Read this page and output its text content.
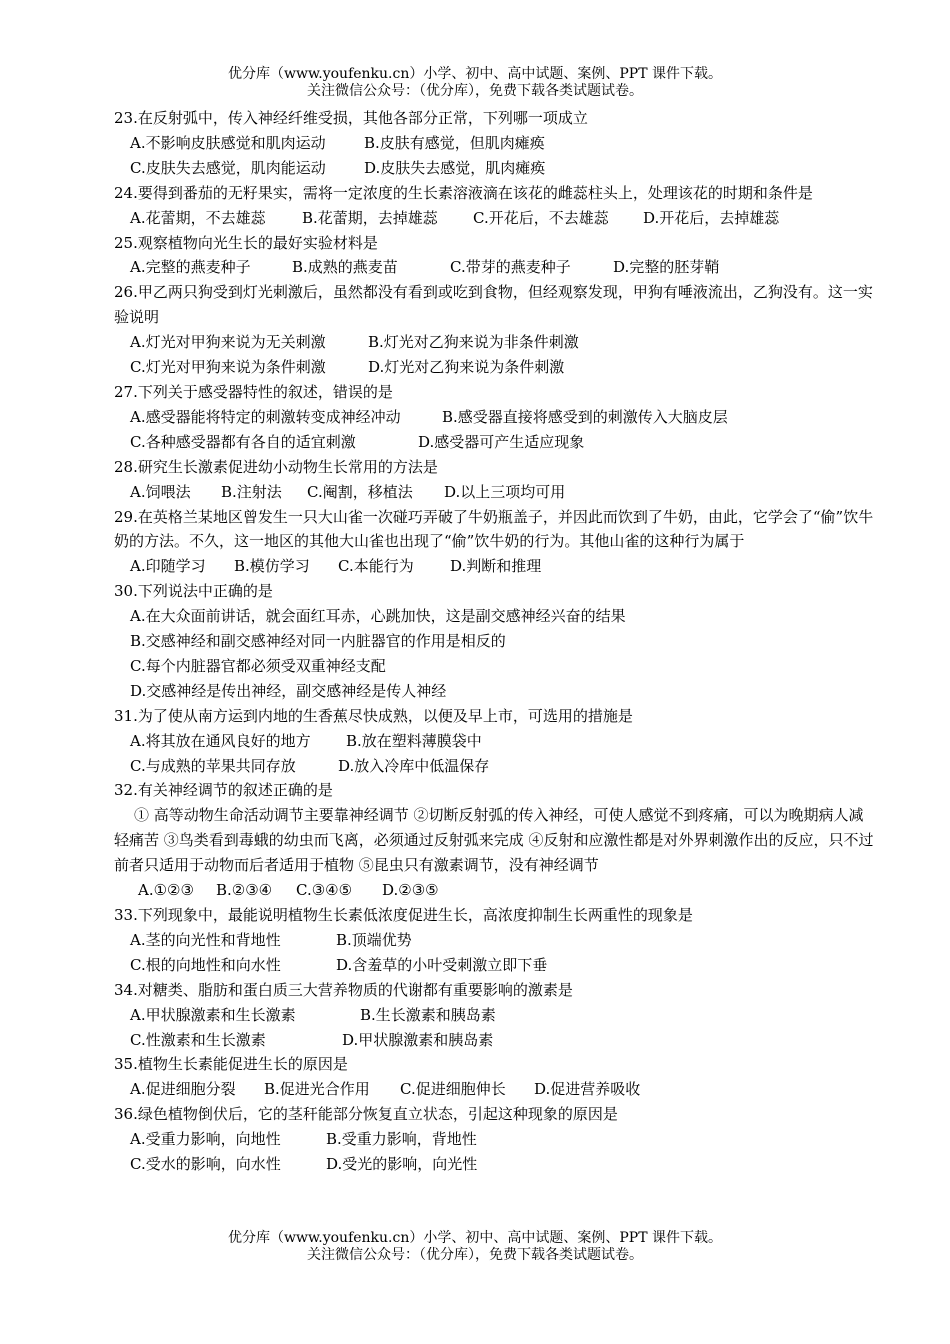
优分库（www.youfenku.cn）小学、初中、高中试题、案例、PPT 课件下载。
关注微信公众号：（优分库），免费下载各类试题试卷。

23.在反射弧中，传入神经纤维受损，其他各部分正常，下列哪一项成立

A.不影响皮肤感觉和肌肉运动	B.皮肤有感觉，但肌肉瘫痪

C.皮肤失去感觉，肌肉能运动	D.皮肤失去感觉，肌肉瘫痪

24.要得到番茄的无籽果实，需将一定浓度的生长素溶液滴在该花的雌蕊柱头上，处理该花的时期和条件是

A.花蕾期，不去雄蕊 B.花蕾期，去掉雄蕊 C.开花后，不去雄蕊 D.开花后，去掉雄蕊

25.观察植物向光生长的最好实验材料是

A.完整的燕麦种子	B.成熟的燕麦苗	C.带芽的燕麦种子	D.完整的胚芽鞘

26.甲乙两只狗受到灯光刺激后，虽然都没有看到或吃到食物，但经观察发现，甲狗有唾液流出，乙狗没有。这一实验说明

A.灯光对甲狗来说为无关刺激	B.灯光对乙狗来说为非条件刺激

C.灯光对甲狗来说为条件刺激	D.灯光对乙狗来说为条件刺激

27.下列关于感受器特性的叙述，错误的是

A.感受器能将特定的刺激转变成神经冲动	B.感受器直接将感受到的刺激传入大脑皮层

C.各种感受器都有各自的适宜刺激	D.感受器可产生适应现象

28.研究生长激素促进幼小动物生长常用的方法是

A.饲喂法 B.注射法 C.阉割，移植法 D.以上三项均可用

29.在英格兰某地区曾发生一只大山雀一次碰巧弄破了牛奶瓶盖子，并因此而饮到了牛奶，由此，它学会了“偷”饮牛奶的方法。不久，这一地区的其他大山雀也出现了“偷”饮牛奶的行为。其他山雀的这种行为属于

A.印随学习 B.模仿学习 C.本能行为 D.判断和推理

30.下列说法中正确的是

A.在大众面前讲话，就会面红耳赤，心跳加快，这是副交感神经兴奋的结果

B.交感神经和副交感神经对同一内脏器官的作用是相反的

C.每个内脏器官都必须受双重神经支配

D.交感神经是传出神经，副交感神经是传人神经

31.为了使从南方运到内地的生香蕉尽快成熟，以便及早上市，可选用的措施是

A.将其放在通风良好的地方 B.放在塑料薄膜袋中

C.与成熟的苹果共同存放	D.放入冷库中低温保存

32.有关神经调节的叙述正确的是

① 高等动物生命活动调节主要靠神经调节 ②切断反射弧的传入神经，可使人感觉不到疼痛，可以为晚期病人减轻痛苦 ③鸟类看到毒蛾的幼虫而飞离，必须通过反射弧来完成 ④反射和应激性都是对外界刺激作出的反应，只不过前者只适用于动物而后者适用于植物 ⑤昆虫只有激素调节，没有神经调节

A.①②③ B.②③④ C.③④⑤ D.②③⑤

33.下列现象中，最能说明植物生长素低浓度促进生长，高浓度抑制生长两重性的现象是

A.茎的向光性和背地性	B.顶端优势

C.根的向地性和向水性	D.含羞草的小叶受刺激立即下垂

34.对糖类、脂肪和蛋白质三大营养物质的代谢都有重要影响的激素是

A.甲状腺激素和生长激素	B.生长激素和胰岛素

C.性激素和生长激素	D.甲状腺激素和胰岛素

35.植物生长素能促进生长的原因是

A.促进细胞分裂 B.促进光合作用 C.促进细胞伸长 D.促进营养吸收

36.绿色植物倒伏后，它的茎秆能部分恢复直立状态，引起这种现象的原因是

A.受重力影响，向地性	B.受重力影响，背地性

C.受水的影响，向水性	D.受光的影响，向光性

优分库（www.youfenku.cn）小学、初中、高中试题、案例、PPT 课件下载。
关注微信公众号：（优分库），免费下载各类试题试卷。
